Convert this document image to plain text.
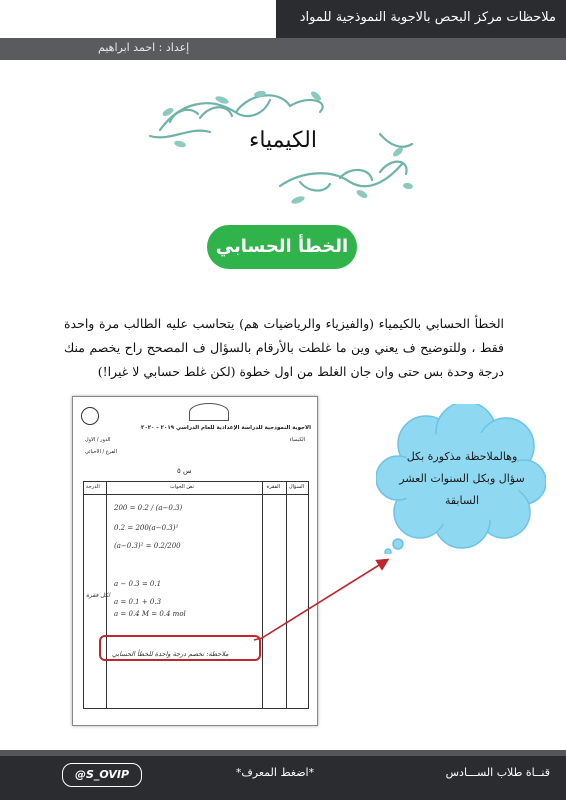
ملاحظات مركز البحص بالاجوبة النموذجية للمواد
إعداد : احمد ابراهيم
الكيمياء
الخطأ الحسابي
الخطأ الحسابي بالكيمياء (والفيزياء والرياضيات هم) يتحاسب عليه الطالب مرة واحدة فقط ، وللتوضيح ف يعني وين ما غلطت بالأرقام بالسؤال ف المصحح راح يخصم منك درجة وحدة بس حتى وان جان الغلط من اول خطوة (لكن غلط حسابي لا غيرا!)
الأجوبة النموذجية للدراسة الإعدادية للعام الدراسي ٢٠١٩ - ٢٠٢٠
الكيمياء
الدور / الاول
الفرع / الاحيائي
س ٥
السؤال
الفقرة
نص الجواب
الدرجة
200 = 0.2 / (a−0.3)
0.2 = 200(a−0.3)²
(a−0.3)² = 0.2/200
a − 0.3 = 0.1
a = 0.1 + 0.3
a = 0.4 M = 0.4 mol
لكل فقرة
ملاحظة: تخصم درجة واحدة للخطأ الحسابي
وهالملاحظة مذكورة بكل سؤال وبكل السنوات العشر السابقة
@S_OVIP	*اضغط المعرف*	قنــاة طلاب الســـادس
